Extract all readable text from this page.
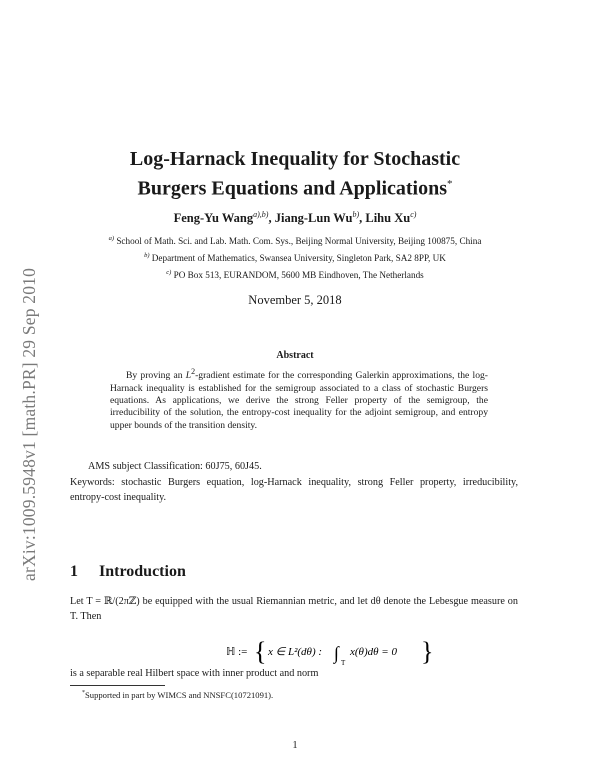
arXiv:1009.5948v1 [math.PR] 29 Sep 2010
Log-Harnack Inequality for Stochastic
Burgers Equations and Applications*
Feng-Yu Wang$^{a),b)}$, Jiang-Lun Wu$^{b)}$, Lihu Xu$^{c)}$
$^{a)}$ School of Math. Sci. and Lab. Math. Com. Sys., Beijing Normal University, Beijing 100875, China
$^{b)}$ Department of Mathematics, Swansea University, Singleton Park, SA2 8PP, UK
$^{c)}$ PO Box 513, EURANDOM, 5600 MB Eindhoven, The Netherlands
November 5, 2018
Abstract
By proving an $L^2$-gradient estimate for the corresponding Galerkin approximations, the log-Harnack inequality is established for the semigroup associated to a class of stochastic Burgers equations. As applications, we derive the strong Feller property of the semigroup, the irreducibility of the solution, the entropy-cost inequality for the adjoint semigroup, and entropy upper bounds of the transition density.
AMS subject Classification: 60J75, 60J45.
Keywords: stochastic Burgers equation, log-Harnack inequality, strong Feller property, irreducibility, entropy-cost inequality.
1 Introduction
Let T = ℝ/(2πℤ) be equipped with the usual Riemannian metric, and let dθ denote the Lebesgue measure on T. Then
ℍ := { x ∈ L²(dθ) : ∫ T
x(θ)dθ = 0 }
is a separable real Hilbert space with inner product and norm
*Supported in part by WIMCS and NNSFC(10721091).
1
